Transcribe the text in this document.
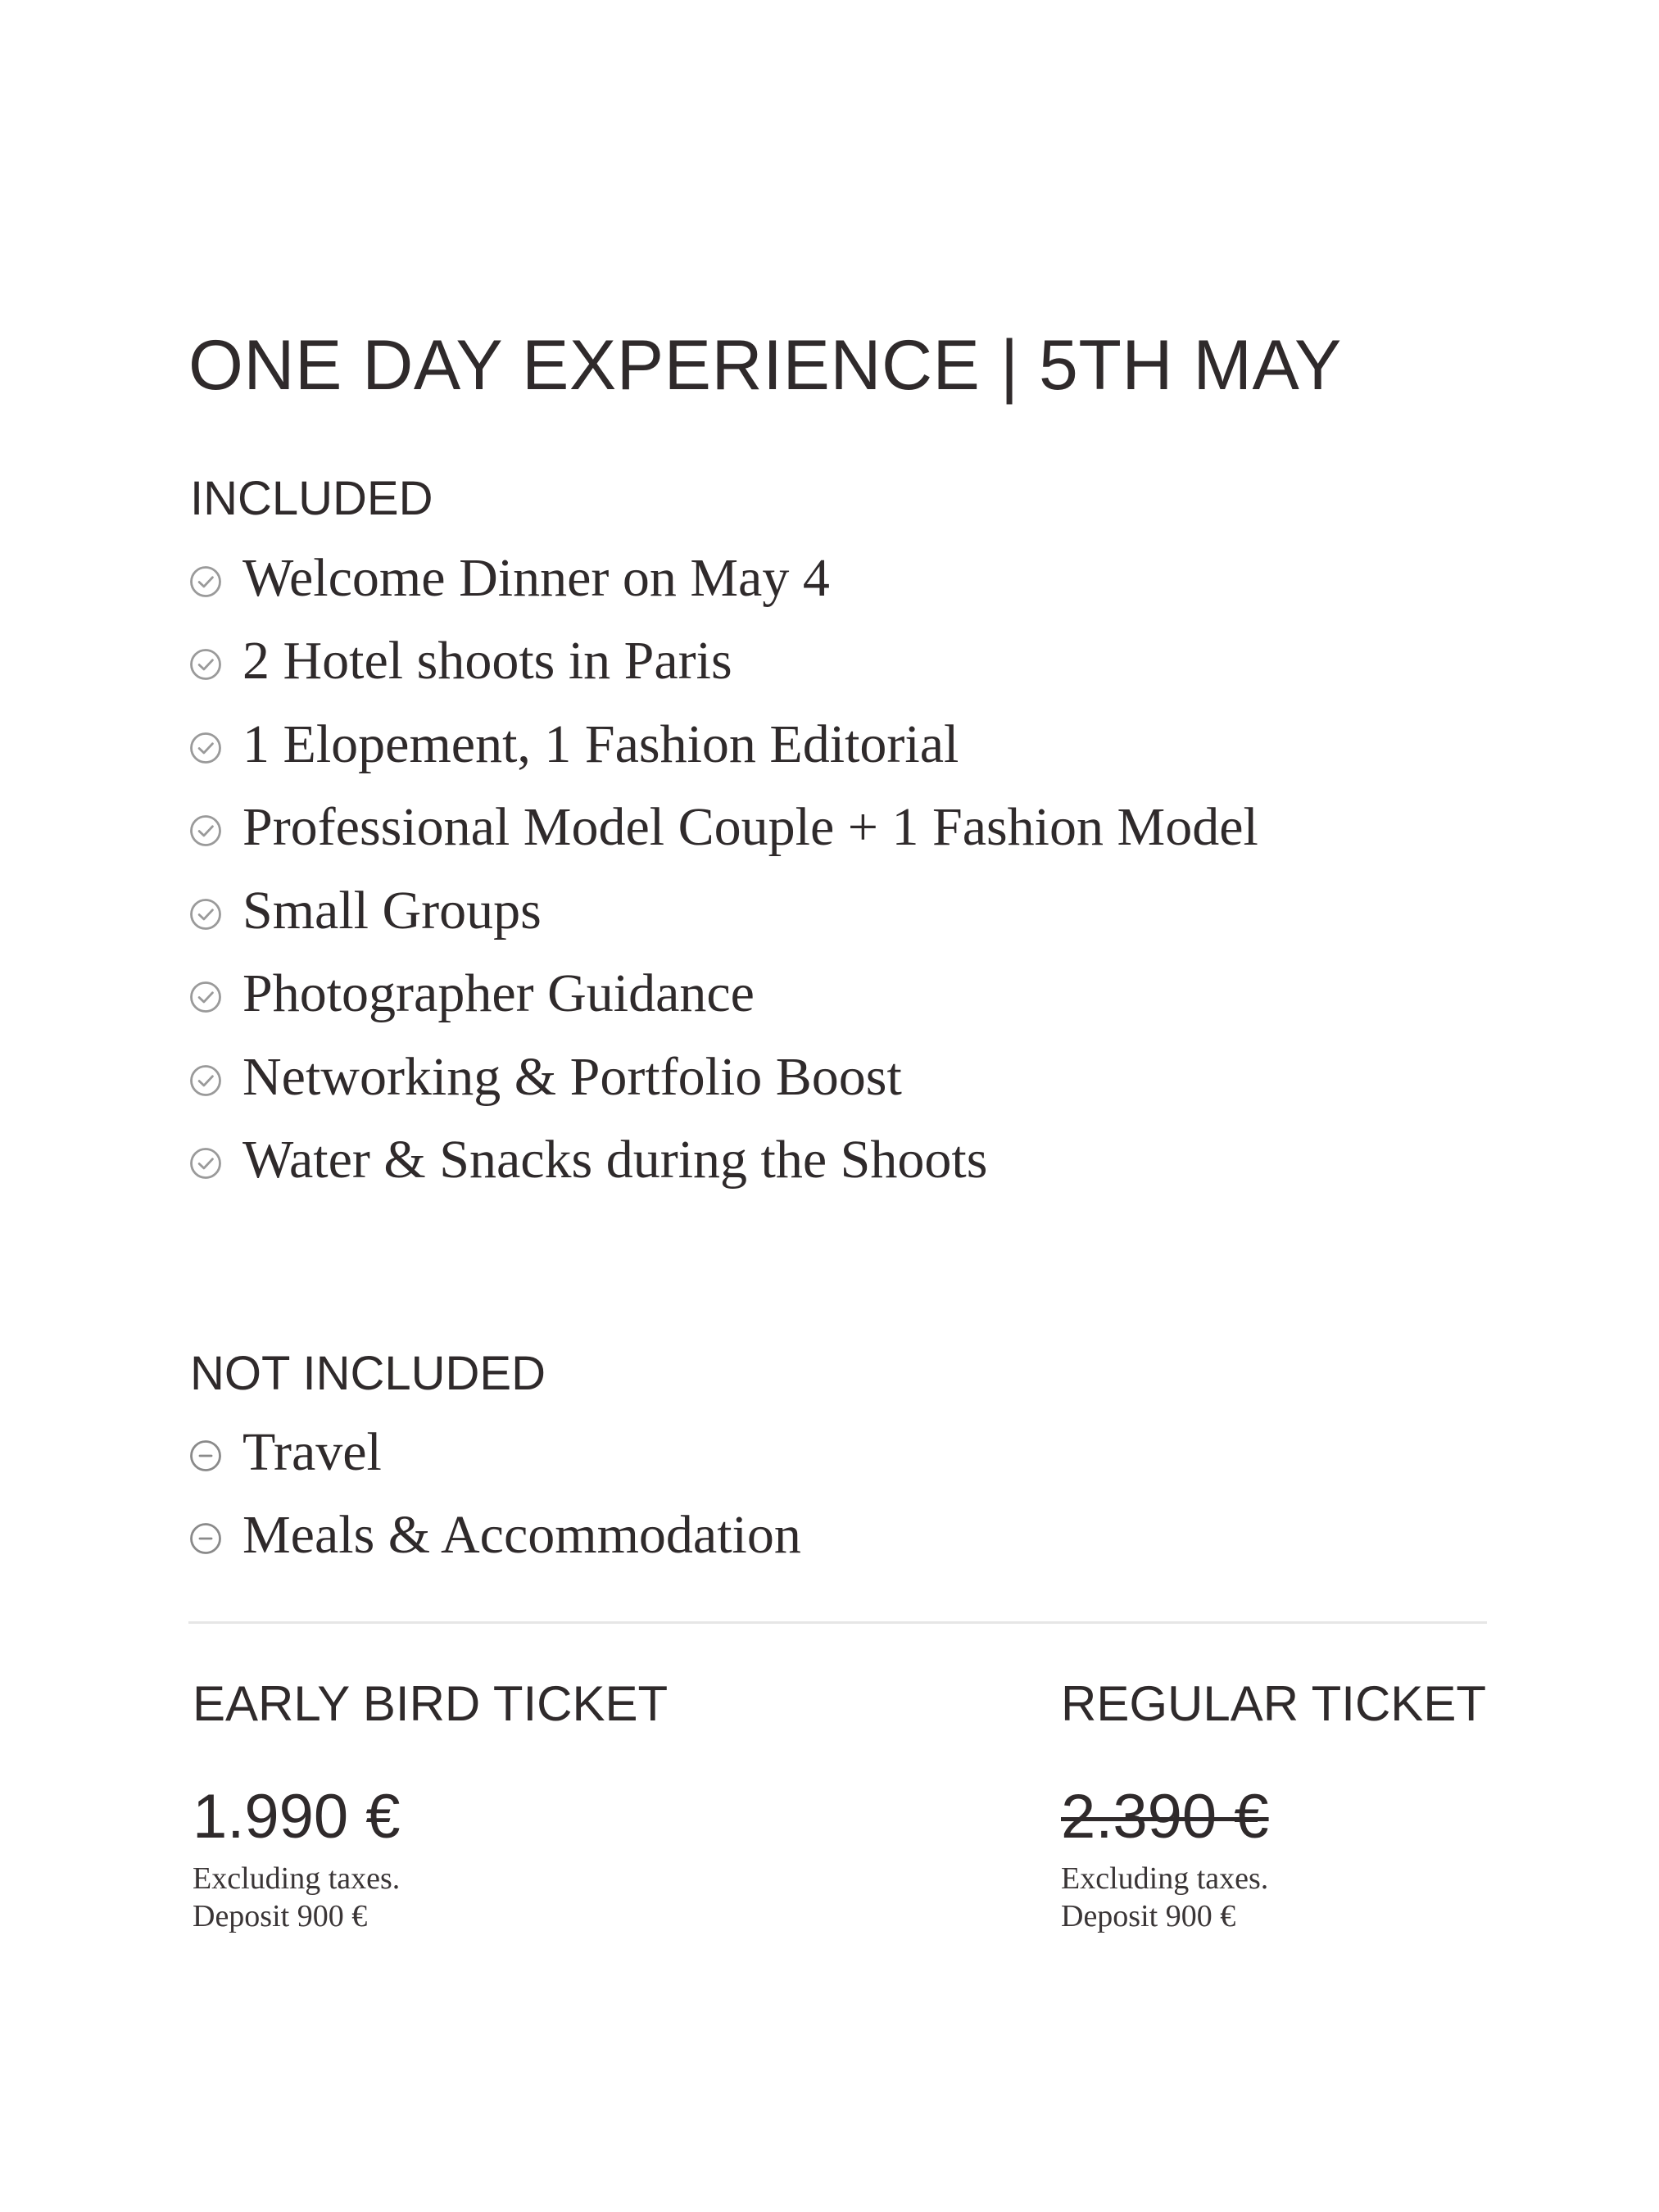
ONE DAY EXPERIENCE | 5TH MAY
INCLUDED
Welcome Dinner on May 4
2 Hotel shoots in Paris
1 Elopement, 1 Fashion Editorial
Professional Model Couple + 1 Fashion Model
Small Groups
Photographer Guidance
Networking & Portfolio Boost
Water & Snacks during the Shoots
NOT INCLUDED
Travel
Meals & Accommodation
EARLY BIRD TICKET
1.990 €
Excluding taxes.
Deposit 900 €
REGULAR TICKET
2.390 €
Excluding taxes.
Deposit 900 €
